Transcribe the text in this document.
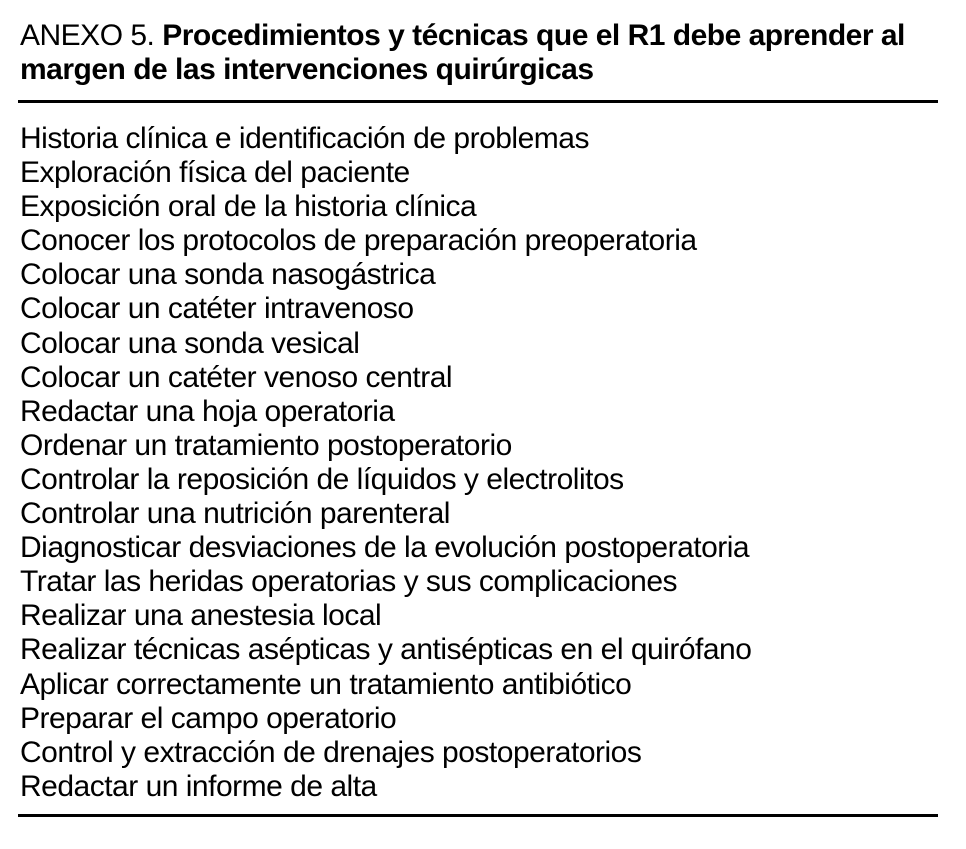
ANEXO 5. Procedimientos y técnicas que el R1 debe aprender al margen de las intervenciones quirúrgicas
Historia clínica e identificación de problemas
Exploración física del paciente
Exposición oral de la historia clínica
Conocer los protocolos de preparación preoperatoria
Colocar una sonda nasogástrica
Colocar un catéter intravenoso
Colocar una sonda vesical
Colocar un catéter venoso central
Redactar una hoja operatoria
Ordenar un tratamiento postoperatorio
Controlar la reposición de líquidos y electrolitos
Controlar una nutrición parenteral
Diagnosticar desviaciones de la evolución postoperatoria
Tratar las heridas operatorias y sus complicaciones
Realizar una anestesia local
Realizar técnicas asépticas y antisépticas en el quirófano
Aplicar correctamente un tratamiento antibiótico
Preparar el campo operatorio
Control y extracción de drenajes postoperatorios
Redactar un informe de alta
